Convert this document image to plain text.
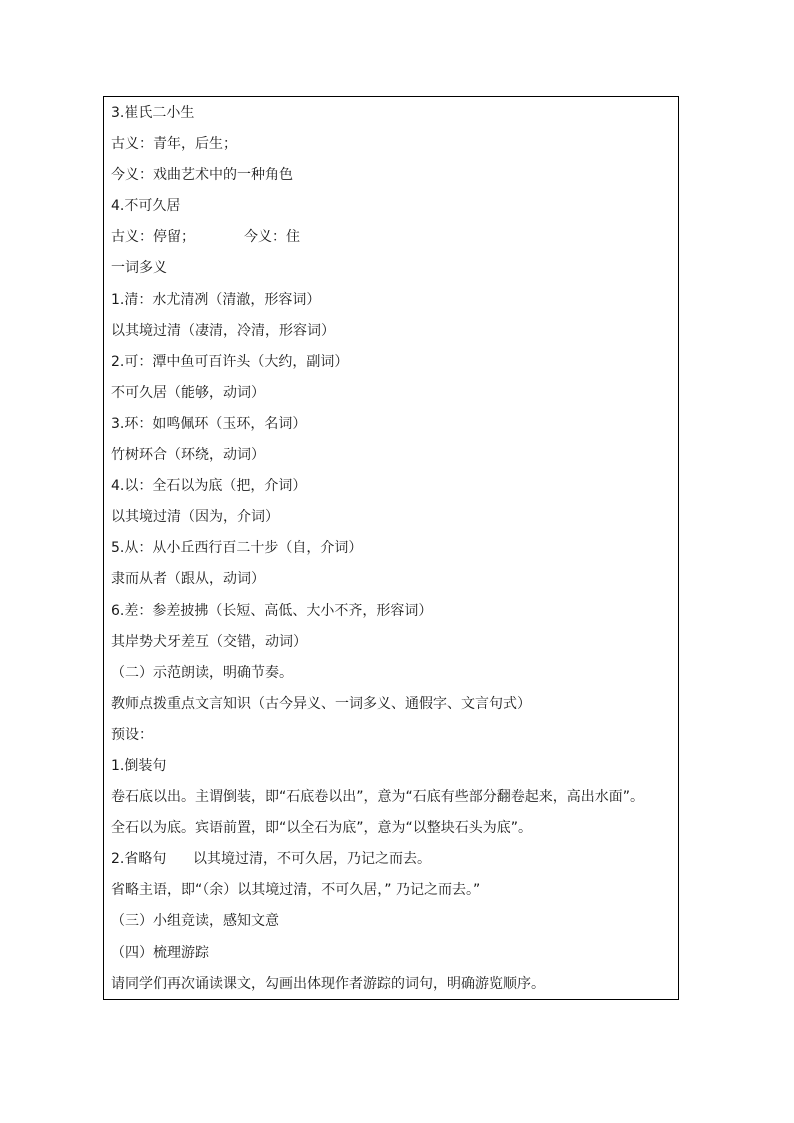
3.崔氏二小生
古义：青年，后生；
今义：戏曲艺术中的一种角色
4.不可久居
古义：停留；           今义：住
一词多义
1.清：水尤清冽（清澈，形容词）
以其境过清（凄清，冷清，形容词）
2.可：潭中鱼可百许头（大约，副词）
不可久居（能够，动词）
3.环：如鸣佩环（玉环，名词）
竹树环合（环绕，动词）
4.以：全石以为底（把，介词）
以其境过清（因为，介词）
5.从：从小丘西行百二十步（自，介词）
隶而从者（跟从，动词）
6.差：参差披拂（长短、高低、大小不齐，形容词）
其岸势犬牙差互（交错，动词）
（二）示范朗读，明确节奏。
教师点拨重点文言知识（古今异义、一词多义、通假字、文言句式）
预设：
1.倒装句
卷石底以出。主谓倒装，即“石底卷以出”，意为“石底有些部分翻卷起来，高出水面”。
全石以为底。宾语前置，即“以全石为底”，意为“以整块石头为底”。
2.省略句      以其境过清，不可久居，乃记之而去。
省略主语，即“（余）以其境过清，不可久居，” 乃记之而去。”
（三）小组竞读，感知文意
（四）梳理游踪
请同学们再次诵读课文，勾画出体现作者游踪的词句，明确游览顺序。
